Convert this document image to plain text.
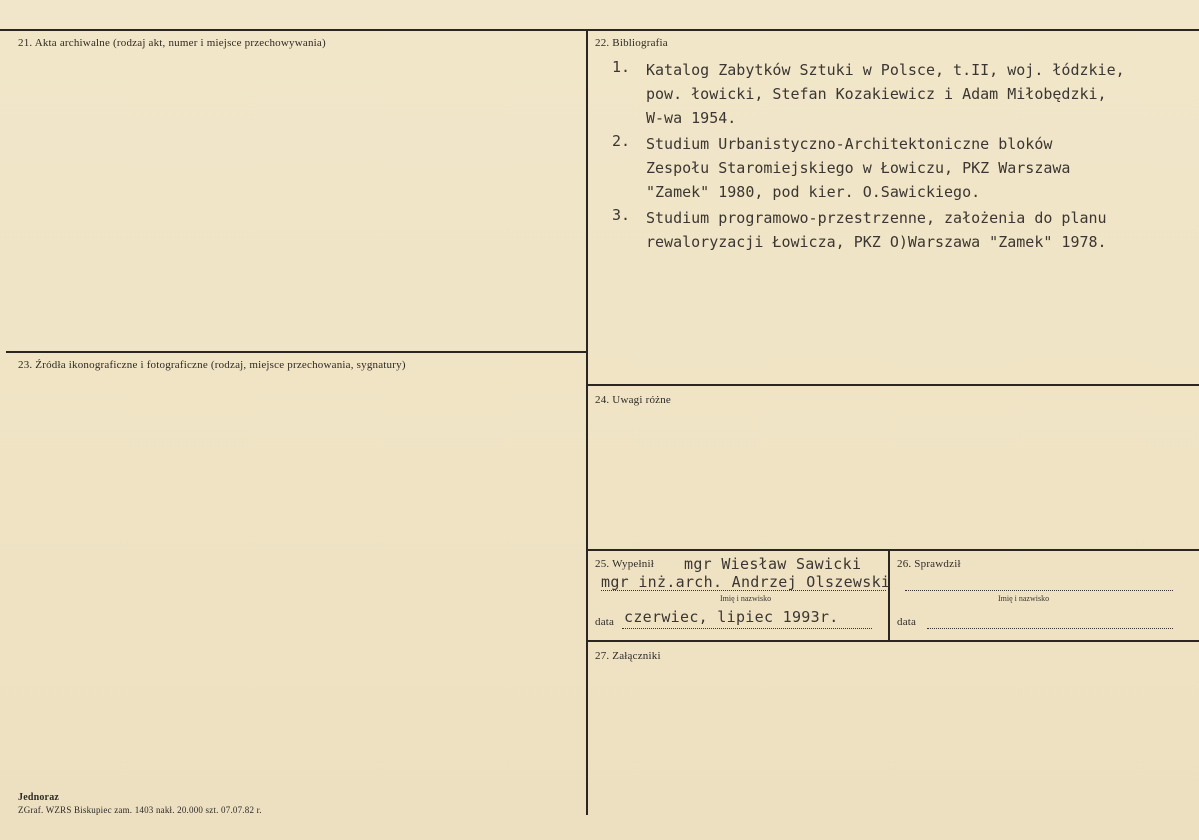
21. Akta archiwalne (rodzaj akt, numer i miejsce przechowywania)	22. Bibliografia
1. Katalog Zabytków Sztuki w Polsce, t.II, woj. łódzkie,
pow. łowicki, Stefan Kozakiewicz i Adam Miłobędzki,
W-wa 1954.
2. Studium Urbanistyczno-Architektoniczne bloków
Zespołu Staromiejskiego w Łowiczu, PKZ Warszawa
"Zamek" 1980, pod kier. O.Sawickiego.
3. Studium programowo-przestrzenne, założenia do planu
rewaloryzacji Łowicza, PKZ O)Warszawa "Zamek" 1978.
23. Źródła ikonograficzne i fotograficzne (rodzaj, miejsce przechowania, sygnatury)
24. Uwagi różne
25. Wypełnił mgr Wiesław Sawicki
mgr inż.arch. Andrzej Olszewski
Imię i nazwisko
data czerwiec, lipiec 1993r.
26. Sprawdził
Imię i nazwisko
data
27. Załączniki
Jednoraz
ZGraf. WZRS Biskupiec zam. 1403 nakł. 20.000 szt. 07.07.82 r.
